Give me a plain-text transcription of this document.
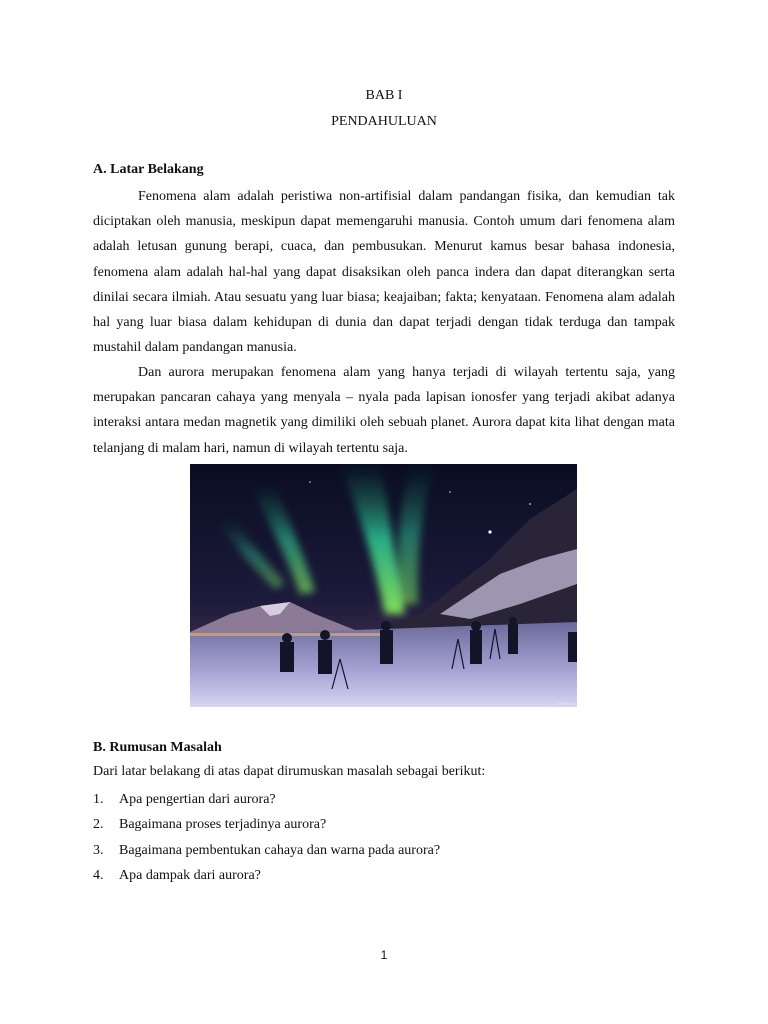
BAB I
PENDAHULUAN
A. Latar Belakang

Fenomena alam adalah peristiwa non-artifisial dalam pandangan fisika, dan kemudian tak diciptakan oleh manusia, meskipun dapat memengaruhi manusia. Contoh umum dari fenomena alam adalah letusan gunung berapi, cuaca, dan pembusukan. Menurut kamus besar bahasa indonesia, fenomena alam adalah hal-hal yang dapat disaksikan oleh panca indera dan dapat diterangkan serta dinilai secara ilmiah. Atau sesuatu yang luar biasa; keajaiban; fakta; kenyataan. Fenomena alam adalah hal yang luar biasa dalam kehidupan di dunia dan dapat terjadi dengan tidak terduga dan tampak mustahil dalam pandangan manusia.

Dan aurora merupakan fenomena alam yang hanya terjadi di wilayah tertentu saja, yang merupakan pancaran cahaya yang menyala – nyala pada lapisan ionosfer yang terjadi akibat adanya interaksi antara medan magnetik yang dimiliki oleh sebuah planet. Aurora dapat kita lihat dengan mata telanjang di malam hari, namun di wilayah tertentu saja.

Ulrik Grau
B. Rumusan Masalah
Dari latar belakang di atas dapat dirumuskan masalah sebagai berikut:
1. Apa pengertian dari aurora?
2. Bagaimana proses terjadinya aurora?
3. Bagaimana pembentukan cahaya dan warna pada aurora?
4. Apa dampak dari aurora?
1
